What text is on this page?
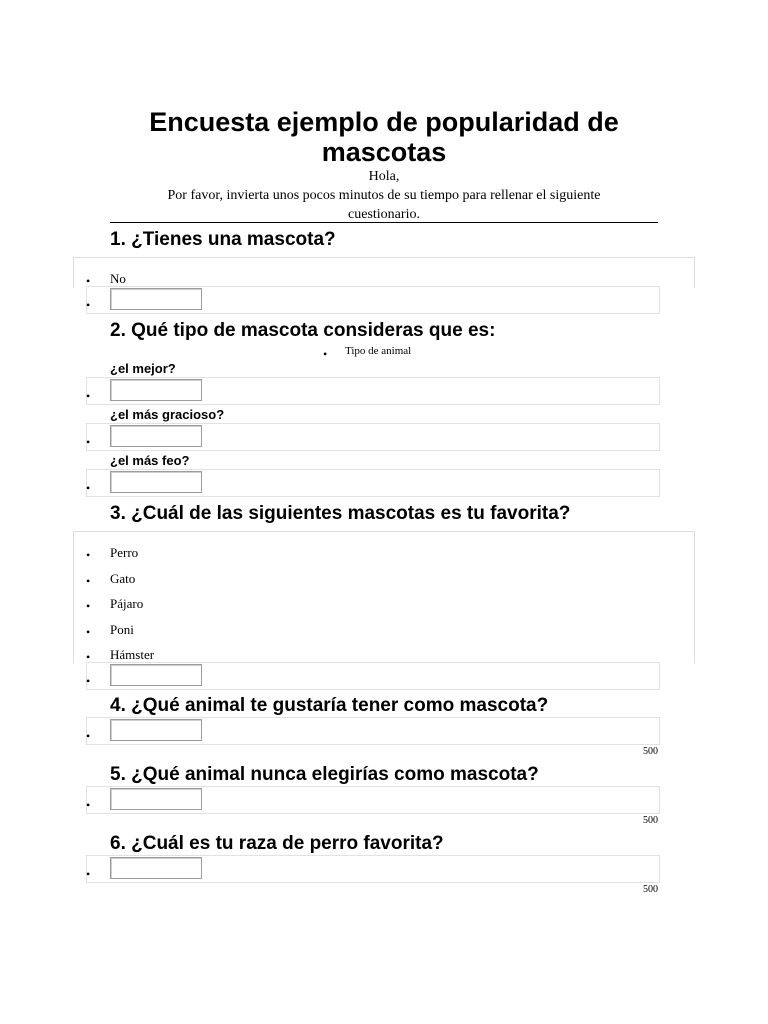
Encuesta ejemplo de popularidad de
mascotas
Hola,
Por favor, invierta unos pocos minutos de su tiempo para rellenar el siguiente
cuestionario.
1. ¿Tienes una mascota?
• No
•
2. Qué tipo de mascota consideras que es:
• Tipo de animal
¿el mejor?
•
¿el más gracioso?
•
¿el más feo?
•
3. ¿Cuál de las siguientes mascotas es tu favorita?
• Perro
• Gato
• Pájaro
• Poni
• Hámster
•
4. ¿Qué animal te gustaría tener como mascota?
•
500
5. ¿Qué animal nunca elegirías como mascota?
•
500
6. ¿Cuál es tu raza de perro favorita?
•
500
